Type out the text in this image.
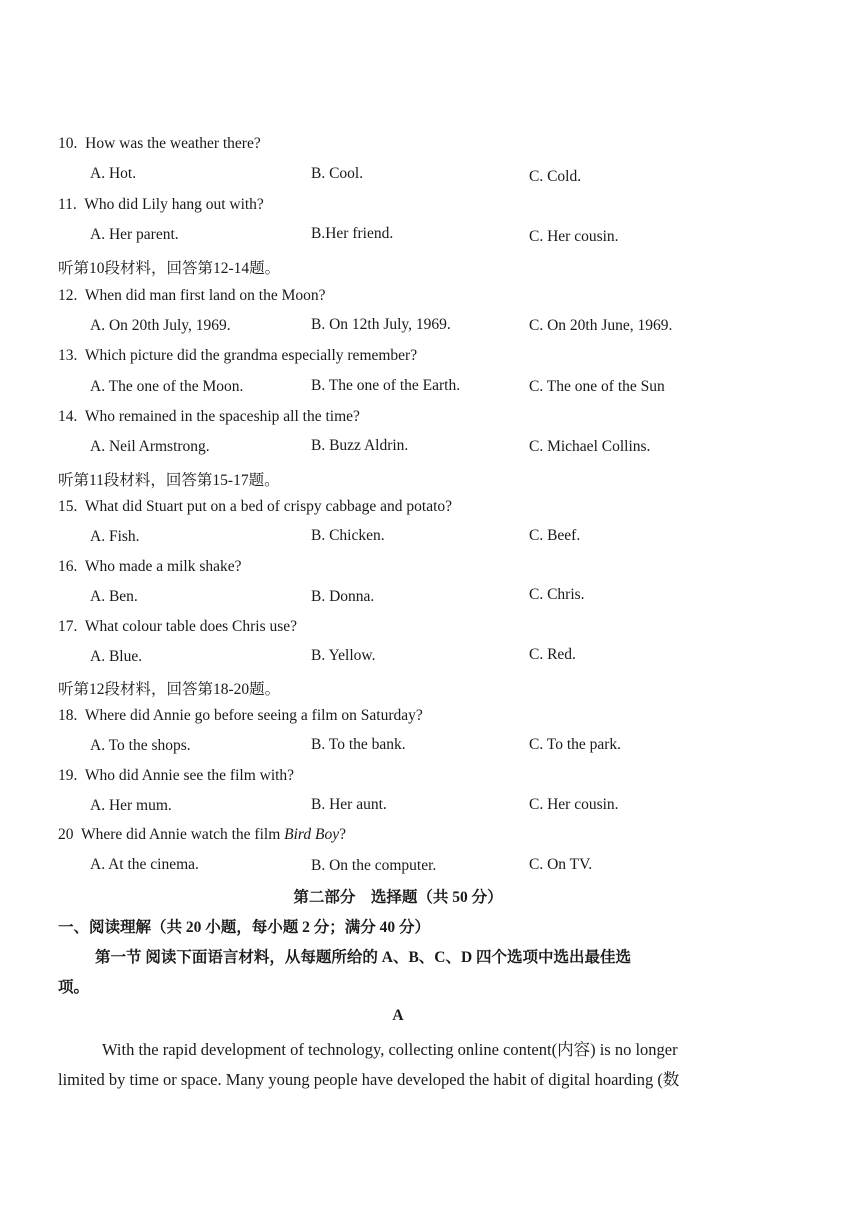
10. How was the weather there?
A. Hot.	B. Cool.	C. Cold.
11. Who did Lily hang out with?
A. Her parent.	B.Her friend.	C. Her cousin.
听第10段材料，回答第12-14题。
12. When did man first land on the Moon?
A. On 20th July, 1969.	B. On 12th July, 1969.	C. On 20th June, 1969.
13. Which picture did the grandma especially remember?
A. The one of the Moon.	B. The one of the Earth.	C. The one of the Sun
14. Who remained in the spaceship all the time?
A. Neil Armstrong.	B. Buzz Aldrin.	C. Michael Collins.
听第11段材料，回答第15-17题。
15. What did Stuart put on a bed of crispy cabbage and potato?
A. Fish.	B. Chicken.	C. Beef.
16. Who made a milk shake?
A. Ben.	B. Donna.	C. Chris.
17. What colour table does Chris use?
A. Blue.	B. Yellow.	C. Red.
听第12段材料，回答第18-20题。
18. Where did Annie go before seeing a film on Saturday?
A. To the shops.	B. To the bank.	C. To the park.
19. Who did Annie see the film with?
A. Her mum.	B. Her aunt.	C. Her cousin.
20 Where did Annie watch the film Bird Boy?
A. At the cinema.	B. On the computer.	C. On TV.
第二部分　选择题（共 50 分）
一、阅读理解（共 20 小题，每小题 2 分；满分 40 分）
第一节 阅读下面语言材料，从每题所给的 A、B、C、D 四个选项中选出最佳选
项。
A
With the rapid development of technology, collecting online content(内容) is no longer
limited by time or space. Many young people have developed the habit of digital hoarding (数
